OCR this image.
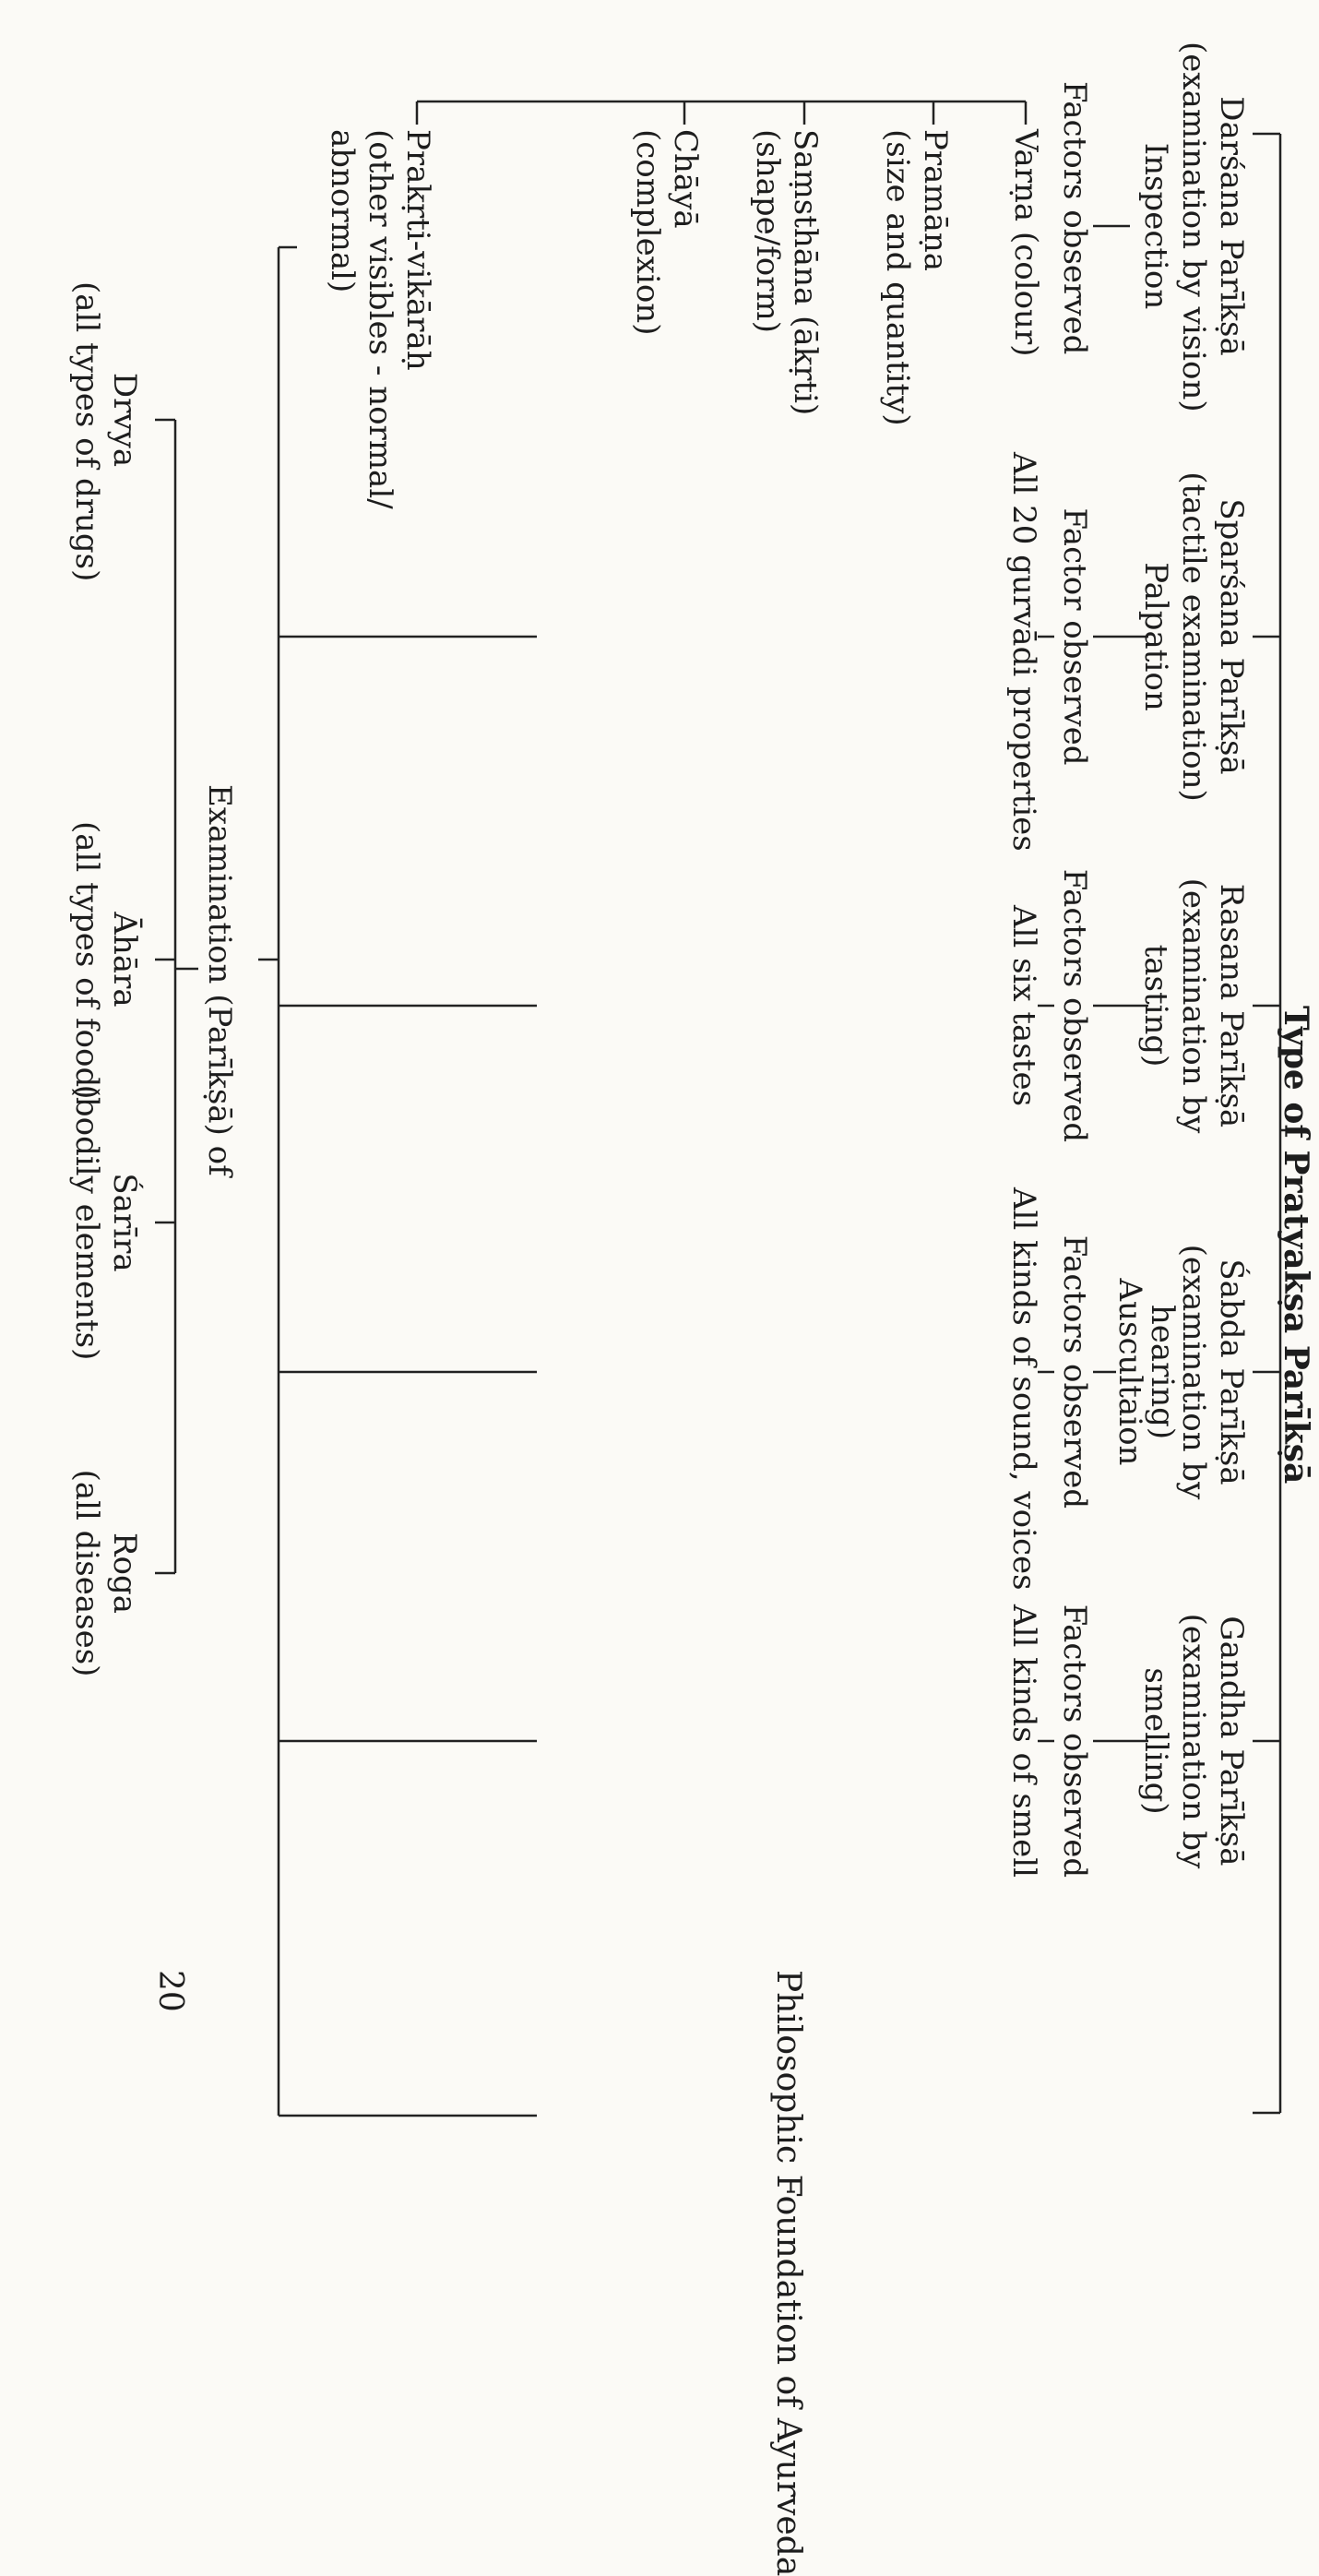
Type of Pratyakṣa Parīkṣā
Darśana Parīkṣā
(examination by vision)
Inspection
Factors observed
Varṇa (colour)
Pramāṇa
(size and quantity)
Saṃsthāna (ākṛti)
(shape/form)
Chāyā
(complexion)
Prakṛti-vikārāḥ
(other visibles - normal/
abnormal)
Sparśana Parīkṣā
(tactile examination)
Palpation
Factor observed
All 20 gurvādi properties
Rasana Parīkṣā
(examination by
tasting)
Factors observed
All six tastes
Śabda Parīkṣā
(examination by
hearing)
Auscultaion
Factors observed
All kinds of sound, voices
Gandha Parīkṣā
(examination by
smelling)
Factors observed
All kinds of smell
Examination (Parīkṣā) of
Drvya
(all types of drugs)
Āhāra
(all types of food)
Śarīra
(bodily elements)
Roga
(all diseases)
Philosophic Foundation of Ayurveda
20
